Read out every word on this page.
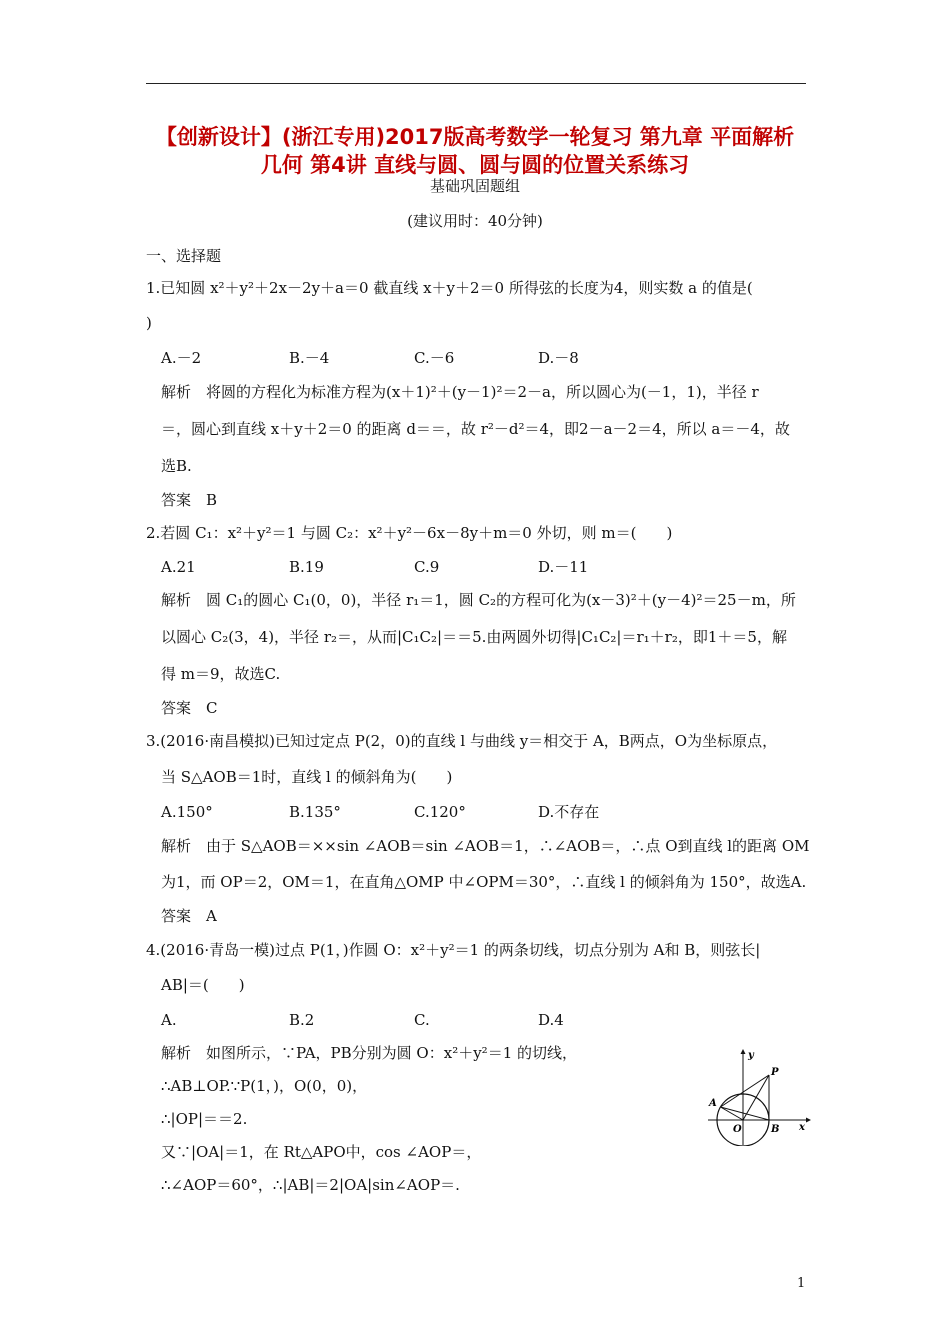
【创新设计】(浙江专用)2017版高考数学一轮复习 第九章 平面解析
几何 第4讲 直线与圆、圆与圆的位置关系练习
基础巩固题组
(建议用时：40分钟)
一、选择题
1.已知圆 x²＋y²＋2x－2y＋a＝0 截直线 x＋y＋2＝0 所得弦的长度为4，则实数 a 的值是(
)
A.－2	B.－4	C.－6	D.－8
解析　将圆的方程化为标准方程为(x＋1)²＋(y－1)²＝2－a，所以圆心为(－1，1)，半径 r
＝，圆心到直线 x＋y＋2＝0 的距离 d＝＝，故 r²－d²＝4，即2－a－2＝4，所以 a＝－4，故
选B.
答案　B
2.若圆 C₁：x²＋y²＝1 与圆 C₂：x²＋y²－6x－8y＋m＝0 外切，则 m＝(　　)
A.21	B.19	C.9	D.－11
解析　圆 C₁的圆心 C₁(0，0)，半径 r₁＝1，圆 C₂的方程可化为(x－3)²＋(y－4)²＝25－m，所
以圆心 C₂(3，4)，半径 r₂＝，从而|C₁C₂|＝＝5.由两圆外切得|C₁C₂|＝r₁＋r₂，即1＋＝5，解
得 m＝9，故选C.
答案　C
3.(2016·南昌模拟)已知过定点 P(2，0)的直线 l 与曲线 y＝相交于 A，B两点，O为坐标原点，
当 S△AOB＝1时，直线 l 的倾斜角为(　　)
A.150°	B.135°	C.120°	D.不存在
解析　由于 S△AOB＝××sin ∠AOB＝sin ∠AOB＝1，∴∠AOB＝，∴点 O到直线 l的距离 OM
为1，而 OP＝2，OM＝1，在直角△OMP 中∠OPM＝30°，∴直线 l 的倾斜角为 150°，故选A.
答案　A
4.(2016·青岛一模)过点 P(1，)作圆 O：x²＋y²＝1 的两条切线，切点分别为 A和 B，则弦长|
AB|＝(　　)
A.	B.2	C.	D.4
解析　如图所示，∵PA，PB分别为圆 O：x²＋y²＝1 的切线，
∴AB⊥OP.∵P(1，)，O(0，0)，
∴|OP|＝＝2.
又∵|OA|＝1，在 Rt△APO中，cos ∠AOP＝，
∴∠AOP＝60°，∴|AB|＝2|OA|sin∠AOP＝.
y
x
P
A
O	B
1
